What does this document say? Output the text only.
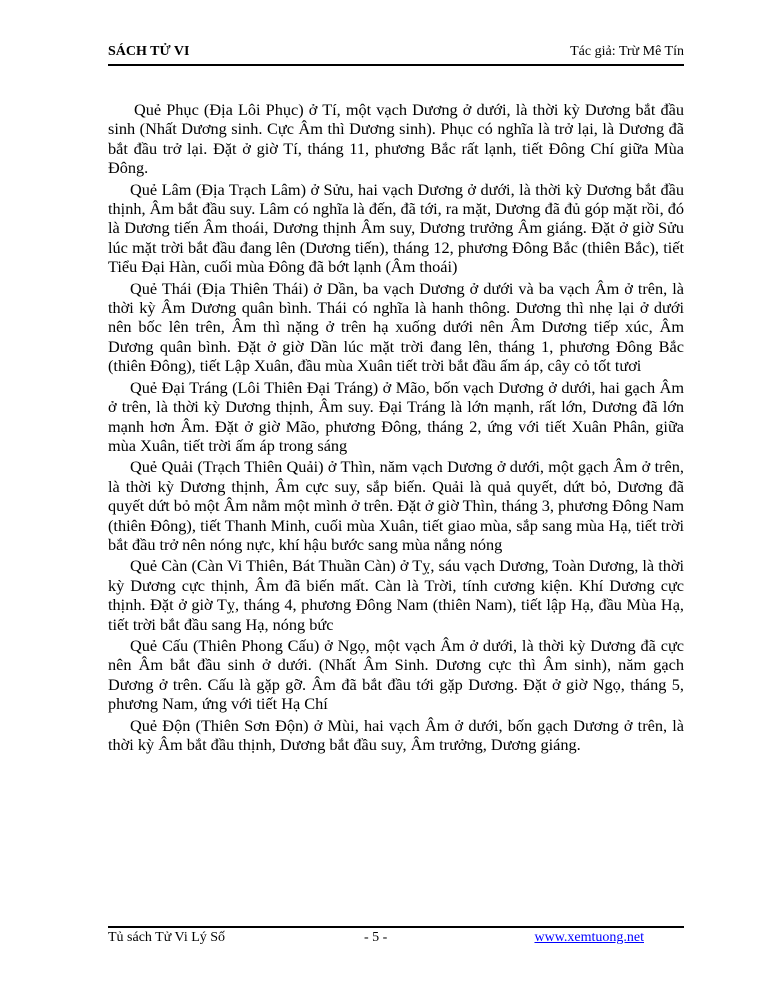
SÁCH TỬ VI	Tác giả: Trừ Mê Tín

Quẻ Phục (Địa Lôi Phục) ở Tí, một vạch Dương ở dưới, là thời kỳ Dương bắt đầu sinh (Nhất Dương sinh. Cực Âm thì Dương sinh). Phục có nghĩa là trở lại, là Dương đã bắt đầu trở lại. Đặt ở giờ Tí, tháng 11, phương Bắc rất lạnh, tiết Đông Chí giữa Mùa Đông.

Quẻ Lâm (Địa Trạch Lâm) ở Sửu, hai vạch Dương ở dưới, là thời kỳ Dương bắt đầu thịnh, Âm bắt đầu suy. Lâm có nghĩa là đến, đã tới, ra mặt, Dương đã đủ góp mặt rồi, đó là Dương tiến Âm thoái, Dương thịnh Âm suy, Dương trưởng Âm giáng. Đặt ở giờ Sửu lúc mặt trời bắt đầu đang lên (Dương tiến), tháng 12, phương Đông Bắc (thiên Bắc), tiết Tiểu Đại Hàn, cuối mùa Đông đã bớt lạnh (Âm thoái)

Quẻ Thái (Địa Thiên Thái) ở Dần, ba vạch Dương ở dưới và ba vạch Âm ở trên, là thời kỳ Âm Dương quân bình. Thái có nghĩa là hanh thông. Dương thì nhẹ lại ở dưới nên bốc lên trên, Âm thì nặng ở trên hạ xuống dưới nên Âm Dương tiếp xúc, Âm Dương quân bình. Đặt ở giờ Dần lúc mặt trời đang lên, tháng 1, phương Đông Bắc (thiên Đông), tiết Lập Xuân, đầu mùa Xuân tiết trời bắt đầu ấm áp, cây cỏ tốt tươi

Quẻ Đại Tráng (Lôi Thiên Đại Tráng) ở Mão, bốn vạch Dương ở dưới, hai gạch Âm ở trên, là thời kỳ Dương thịnh, Âm suy. Đại Tráng là lớn mạnh, rất lớn, Dương đã lớn mạnh hơn Âm. Đặt ở giờ Mão, phương Đông, tháng 2, ứng với tiết Xuân Phân, giữa mùa Xuân, tiết trời ấm áp trong sáng

Quẻ Quải (Trạch Thiên Quải) ở Thìn, năm vạch Dương ở dưới, một gạch Âm ở trên, là thời kỳ Dương thịnh, Âm cực suy, sắp biến. Quải là quả quyết, dứt bỏ, Dương đã quyết dứt bỏ một Âm nằm một mình ở trên. Đặt ở giờ Thìn, tháng 3, phương Đông Nam (thiên Đông), tiết Thanh Minh, cuối mùa Xuân, tiết giao mùa, sắp sang mùa Hạ, tiết trời bắt đầu trở nên nóng nực, khí hậu bước sang mùa nắng nóng

Quẻ Càn (Càn Vi Thiên, Bát Thuần Càn) ở Tỵ, sáu vạch Dương, Toàn Dương, là thời kỳ Dương cực thịnh, Âm đã biến mất. Càn là Trời, tính cương kiện. Khí Dương cực thịnh. Đặt ở giờ Tỵ, tháng 4, phương Đông Nam (thiên Nam), tiết lập Hạ, đầu Mùa Hạ, tiết trời bắt đầu sang Hạ, nóng bức

Quẻ Cấu (Thiên Phong Cấu) ở Ngọ, một vạch Âm ở dưới, là thời kỳ Dương đã cực nên Âm bắt đầu sinh ở dưới. (Nhất Âm Sinh. Dương cực thì Âm sinh), năm gạch Dương ở trên. Cấu là gặp gỡ. Âm đã bắt đầu tới gặp Dương. Đặt ở giờ Ngọ, tháng 5, phương Nam, ứng với tiết Hạ Chí

Quẻ Độn (Thiên Sơn Độn) ở Mùi, hai vạch Âm ở dưới, bốn gạch Dương ở trên, là thời kỳ Âm bắt đầu thịnh, Dương bắt đầu suy, Âm trưởng, Dương giáng.

Tủ sách Tử Vi Lý Số	- 5 -	www.xemtuong.net
